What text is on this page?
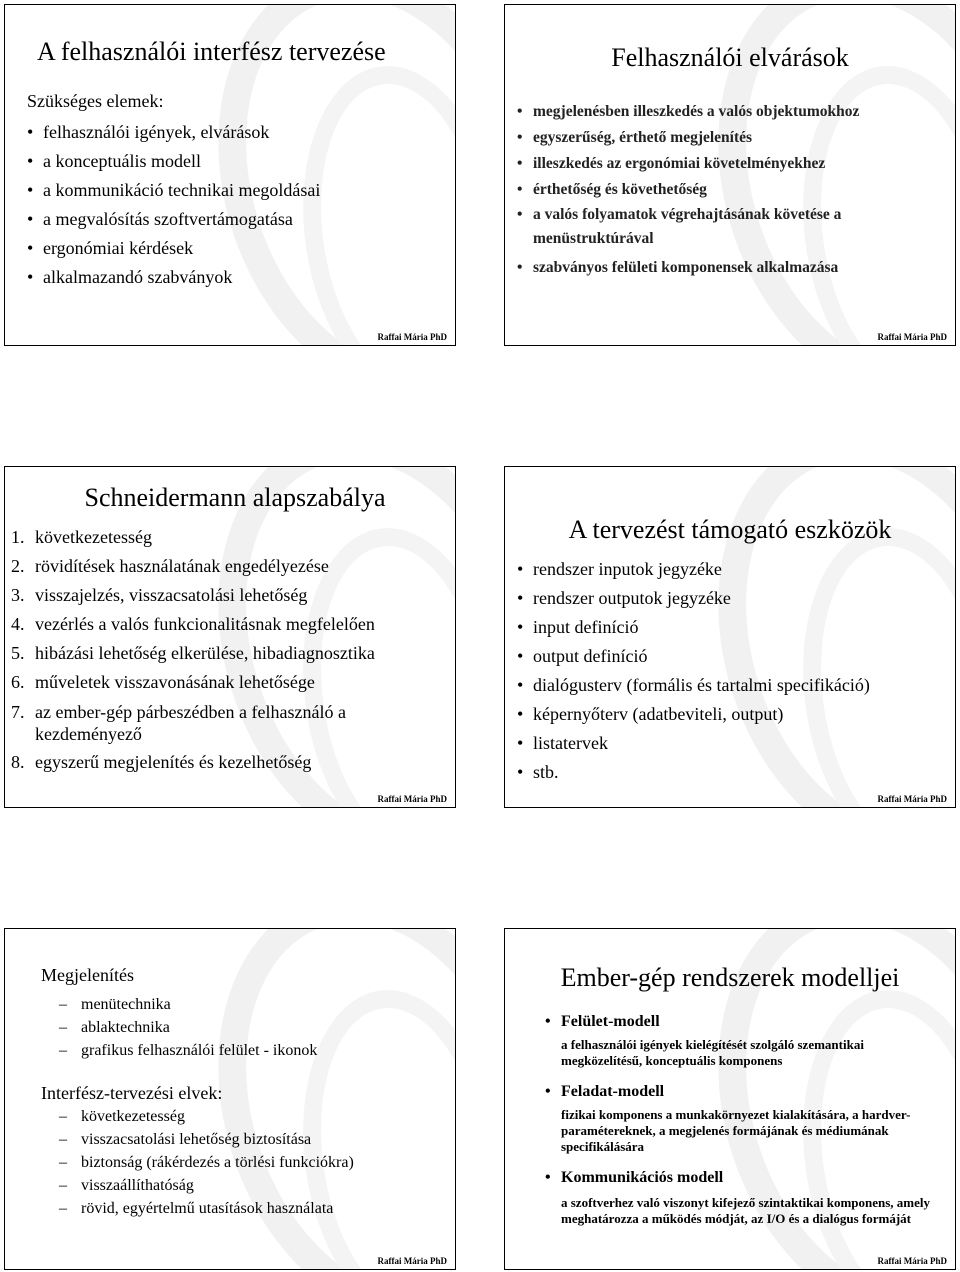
A felhasználói interfész tervezése
Szükséges elemek:
• felhasználói igények, elvárások
• a konceptuális modell
• a kommunikáció technikai megoldásai
• a megvalósítás szoftvertámogatása
• ergonómiai kérdések
• alkalmazandó szabványok
Raffai Mária PhD
Felhasználói elvárások
• megjelenésben illeszkedés a valós objektumokhoz
• egyszerűség, érthető megjelenítés
• illeszkedés az ergonómiai követelményekhez
• érthetőség és követhetőség
• a valós folyamatok végrehajtásának követése a menüstruktúrával
• szabványos felületi komponensek alkalmazása
Raffai Mária PhD
Schneidermann alapszabálya
1. következetesség
2. rövidítések használatának engedélyezése
3. visszajelzés, visszacsatolási lehetőség
4. vezérlés a valós funkcionalitásnak megfelelően
5. hibázási lehetőség elkerülése, hibadiagnosztika
6. műveletek visszavonásának lehetősége
7. az ember-gép párbeszédben a felhasználó a kezdeményező
8. egyszerű megjelenítés és kezelhetőség
Raffai Mária PhD
A tervezést támogató eszközök
• rendszer inputok jegyzéke
• rendszer outputok jegyzéke
• input definíció
• output definíció
• dialógusterv (formális és tartalmi specifikáció)
• képernyőterv (adatbeviteli, output)
• listatervek
• stb.
Raffai Mária PhD
Megjelenítés
– menütechnika
– ablaktechnika
– grafikus felhasználói felület - ikonok
Interfész-tervezési elvek:
– következetesség
– visszacsatolási lehetőség biztosítása
– biztonság (rákérdezés a törlési funkciókra)
– visszaállíthatóság
– rövid, egyértelmű utasítások használata
Raffai Mária PhD
Ember-gép rendszerek modelljei
• Felület-modell
a felhasználói igények kielégítését szolgáló szemantikai megközelítésű, konceptuális komponens
• Feladat-modell
fizikai komponens a munkakörnyezet kialakítására, a hardver-paramétereknek, a megjelenés formájának és médiumának specifikálására
• Kommunikációs modell
a szoftverhez való viszonyt kifejező szintaktikai komponens, amely meghatározza a működés módját, az I/O és a dialógus formáját
Raffai Mária PhD
